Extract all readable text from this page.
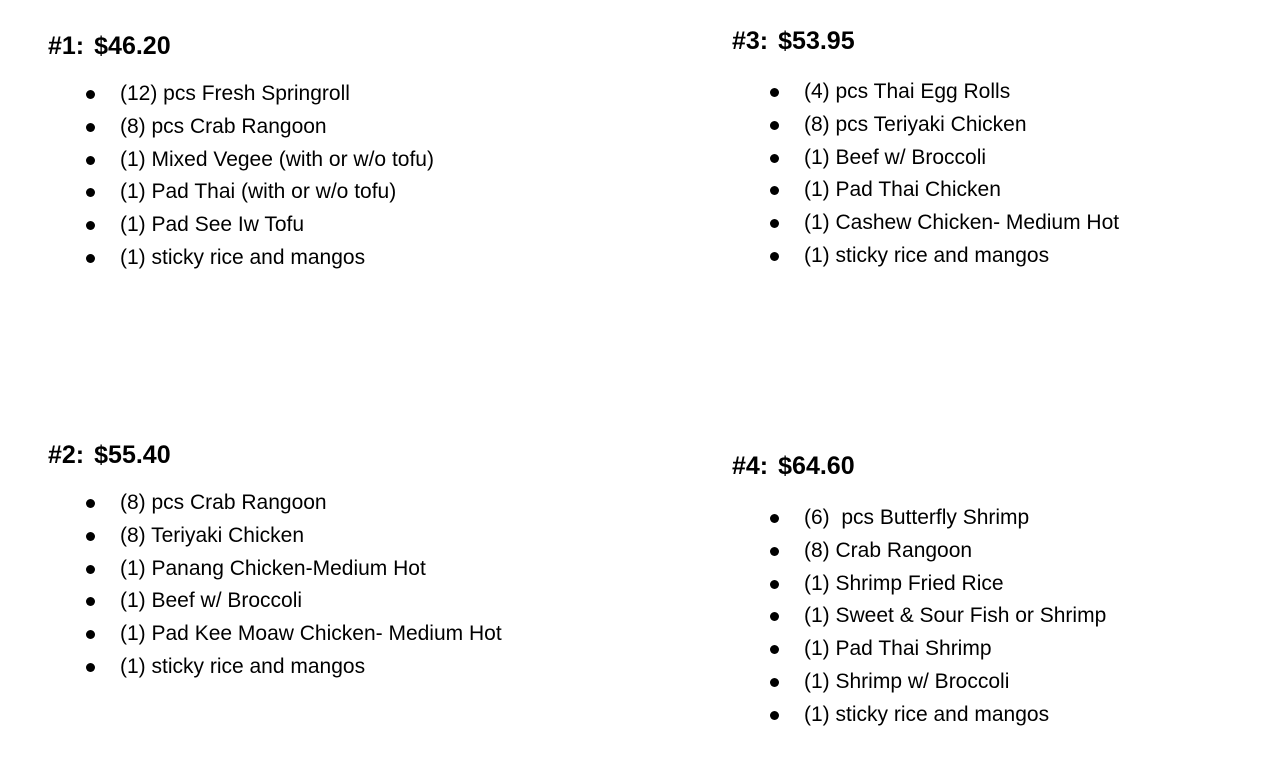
#1: $46.20
(12) pcs Fresh Springroll
(8) pcs Crab Rangoon
(1) Mixed Vegee (with or w/o tofu)
(1) Pad Thai (with or w/o tofu)
(1) Pad See Iw Tofu
(1) sticky rice and mangos
#2: $55.40
(8) pcs Crab Rangoon
(8) Teriyaki Chicken
(1) Panang Chicken-Medium Hot
(1) Beef w/ Broccoli
(1) Pad Kee Moaw Chicken- Medium Hot
(1) sticky rice and mangos
#3: $53.95
(4) pcs Thai Egg Rolls
(8) pcs Teriyaki Chicken
(1) Beef w/ Broccoli
(1) Pad Thai Chicken
(1) Cashew Chicken- Medium Hot
(1) sticky rice and mangos
#4: $64.60
(6)  pcs Butterfly Shrimp
(8) Crab Rangoon
(1) Shrimp Fried Rice
(1) Sweet & Sour Fish or Shrimp
(1) Pad Thai Shrimp
(1) Shrimp w/ Broccoli
(1) sticky rice and mangos
